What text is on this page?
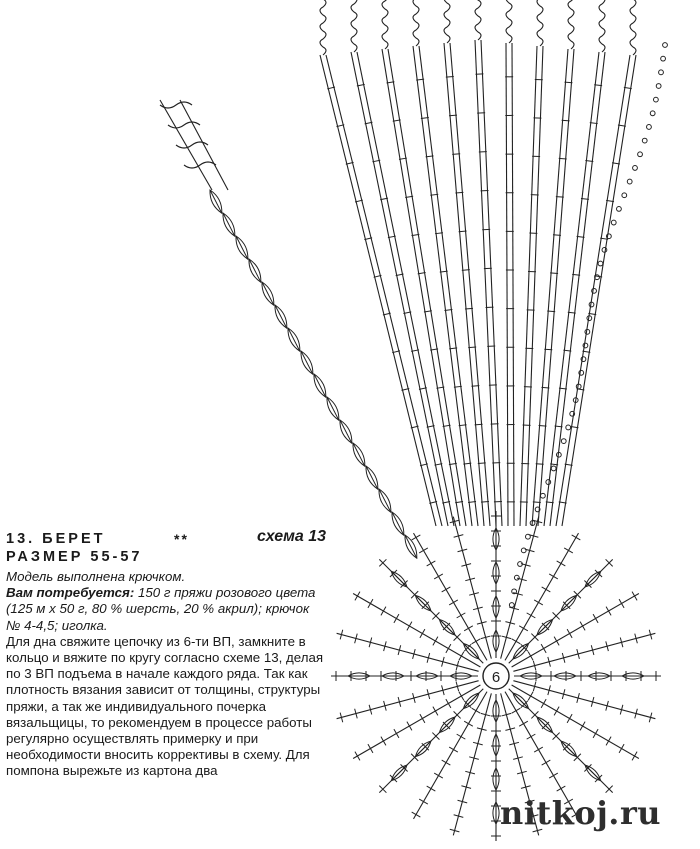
6
13. БЕРЕТ	**	схема 13
РАЗМЕР 55-57

Модель выполнена крючком.

Вам потребуется: 150 г пряжи розового цвета (125 м х 50 г, 80 % шерсть, 20 % акрил); крючок № 4-4,5; иголка.

Для дна свяжите цепочку из 6-ти ВП, замкните в кольцо и вяжите по кругу согласно схеме 13, делая по 3 ВП подъема в начале каждого ряда. Так как плотность вязания зависит от толщины, структуры пряжи, а так же индивидуального почерка вязальщицы, то рекомендуем в процессе работы регулярно осуществлять примерку и при необходимости вносить коррективы в схему. Для помпона вырежьте из картона два

nitkoj.ru
